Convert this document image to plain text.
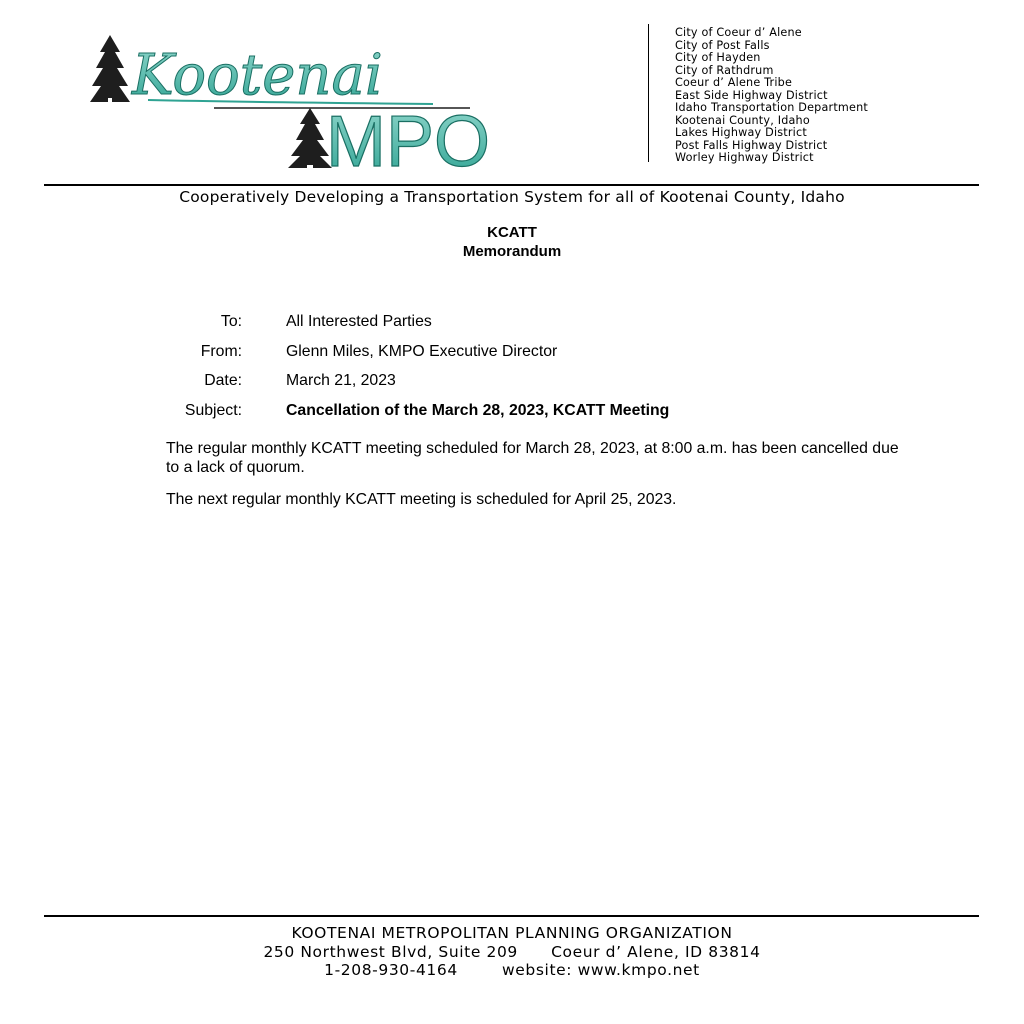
Kootenai
MPO
City of Coeur d’ Alene
City of Post Falls
City of Hayden
City of Rathdrum
Coeur d’ Alene Tribe
East Side Highway District
Idaho Transportation Department
Kootenai County, Idaho
Lakes Highway District
Post Falls Highway District
Worley Highway District
Cooperatively Developing a Transportation System for all of Kootenai County, Idaho
KCATT
Memorandum
To:	All Interested Parties
From:	Glenn Miles, KMPO Executive Director
Date:	March 21, 2023
Subject:	Cancellation of the March 28, 2023, KCATT Meeting

The regular monthly KCATT meeting scheduled for March 28, 2023, at 8:00 a.m. has been cancelled due to a lack of quorum.

The next regular monthly KCATT meeting is scheduled for April 25, 2023.

KOOTENAI METROPOLITAN PLANNING ORGANIZATION
250 Northwest Blvd, Suite 209 Coeur d’ Alene, ID 83814
1-208-930-4164	website: www.kmpo.net
